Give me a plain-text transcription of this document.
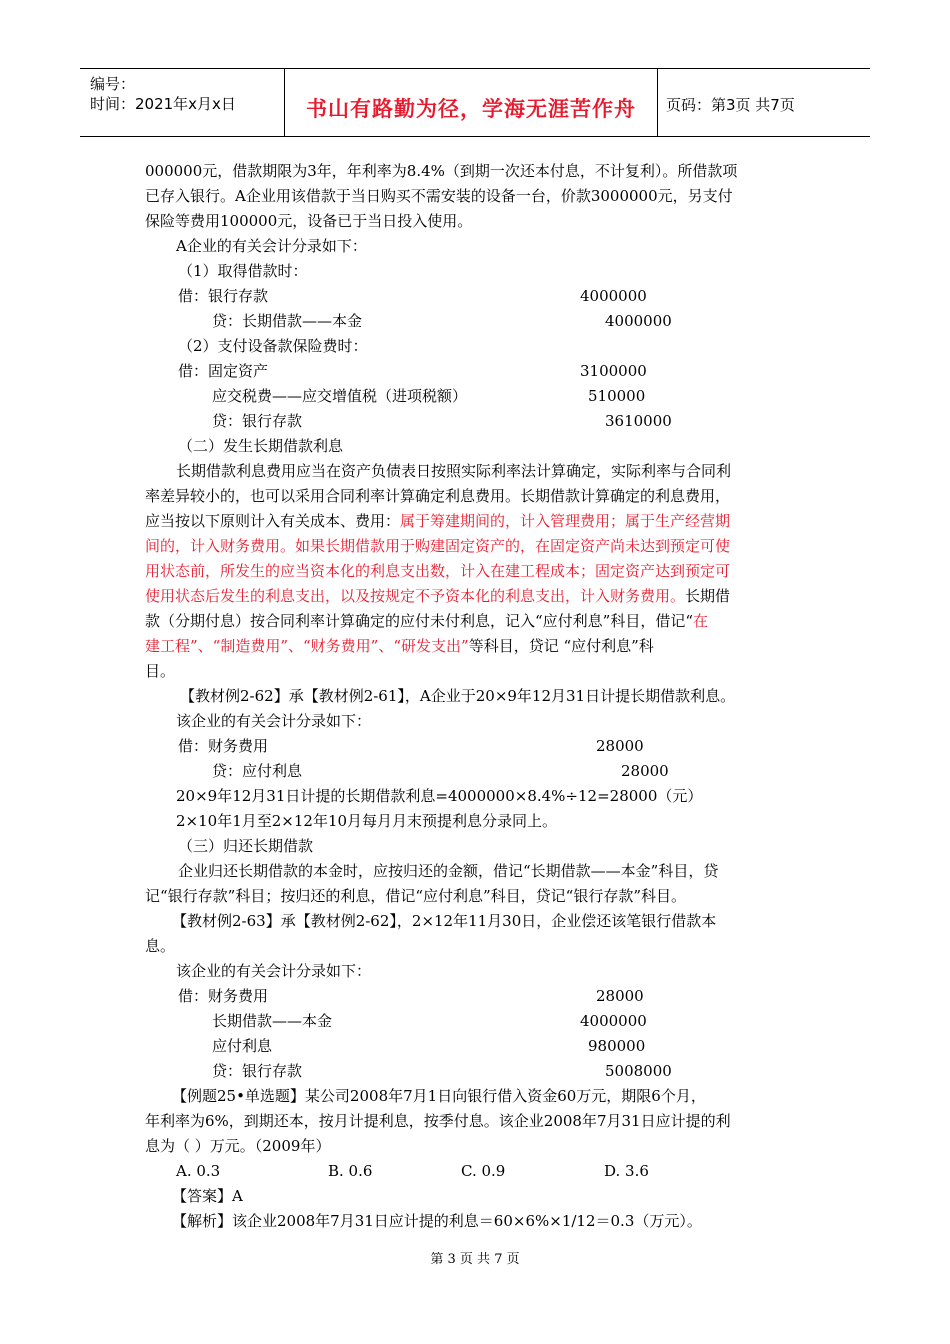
编号：
时间：2021年x月x日	书山有路勤为径，学海无涯苦作舟	页码：第3页 共7页
000000元，借款期限为3年，年利率为8.4%（到期一次还本付息，不计复利）。所借款项
已存入银行。A企业用该借款于当日购买不需安装的设备一台，价款3000000元，另支付
保险等费用100000元，设备已于当日投入使用。
A企业的有关会计分录如下：
（1）取得借款时：
借：银行存款	4000000
贷：长期借款——本金	4000000
（2）支付设备款保险费时：
借：固定资产	3100000
应交税费——应交增值税（进项税额）	510000
贷：银行存款	3610000
（二）发生长期借款利息
长期借款利息费用应当在资产负债表日按照实际利率法计算确定，实际利率与合同利
率差异较小的，也可以采用合同利率计算确定利息费用。长期借款计算确定的利息费用，
应当按以下原则计入有关成本、费用：属于筹建期间的，计入管理费用；属于生产经营期
间的，计入财务费用。如果长期借款用于购建固定资产的，在固定资产尚未达到预定可使
用状态前，所发生的应当资本化的利息支出数，计入在建工程成本；固定资产达到预定可
使用状态后发生的利息支出，以及按规定不予资本化的利息支出，计入财务费用。长期借
款（分期付息）按合同利率计算确定的应付未付利息，记入“应付利息”科目，借记“在
建工程”、“制造费用”、“财务费用”、“研发支出”等科目，贷记 “应付利息”科
目。
【教材例2-62】承【教材例2-61】，A企业于20×9年12月31日计提长期借款利息。
该企业的有关会计分录如下：
借：财务费用	28000
贷：应付利息	28000
20×9年12月31日计提的长期借款利息=4000000×8.4%÷12=28000（元）
2×10年1月至2×12年10月每月月末预提利息分录同上。
（三）归还长期借款
企业归还长期借款的本金时，应按归还的金额，借记“长期借款——本金”科目，贷
记“银行存款”科目；按归还的利息，借记“应付利息”科目，贷记“银行存款”科目。
【教材例2-63】承【教材例2-62】，2×12年11月30日，企业偿还该笔银行借款本
息。
该企业的有关会计分录如下：
借：财务费用	28000
长期借款——本金	4000000
应付利息	980000
贷：银行存款	5008000
【例题25•单选题】某公司2008年7月1日向银行借入资金60万元，期限6个月，
年利率为6%，到期还本，按月计提利息，按季付息。该企业2008年7月31日应计提的利
息为（ ）万元。（2009年）
A. 0.3	B. 0.6	C. 0.9	D. 3.6
【答案】A
【解析】该企业2008年7月31日应计提的利息＝60×6%×1/12＝0.3（万元）。
第 3 页 共 7 页
